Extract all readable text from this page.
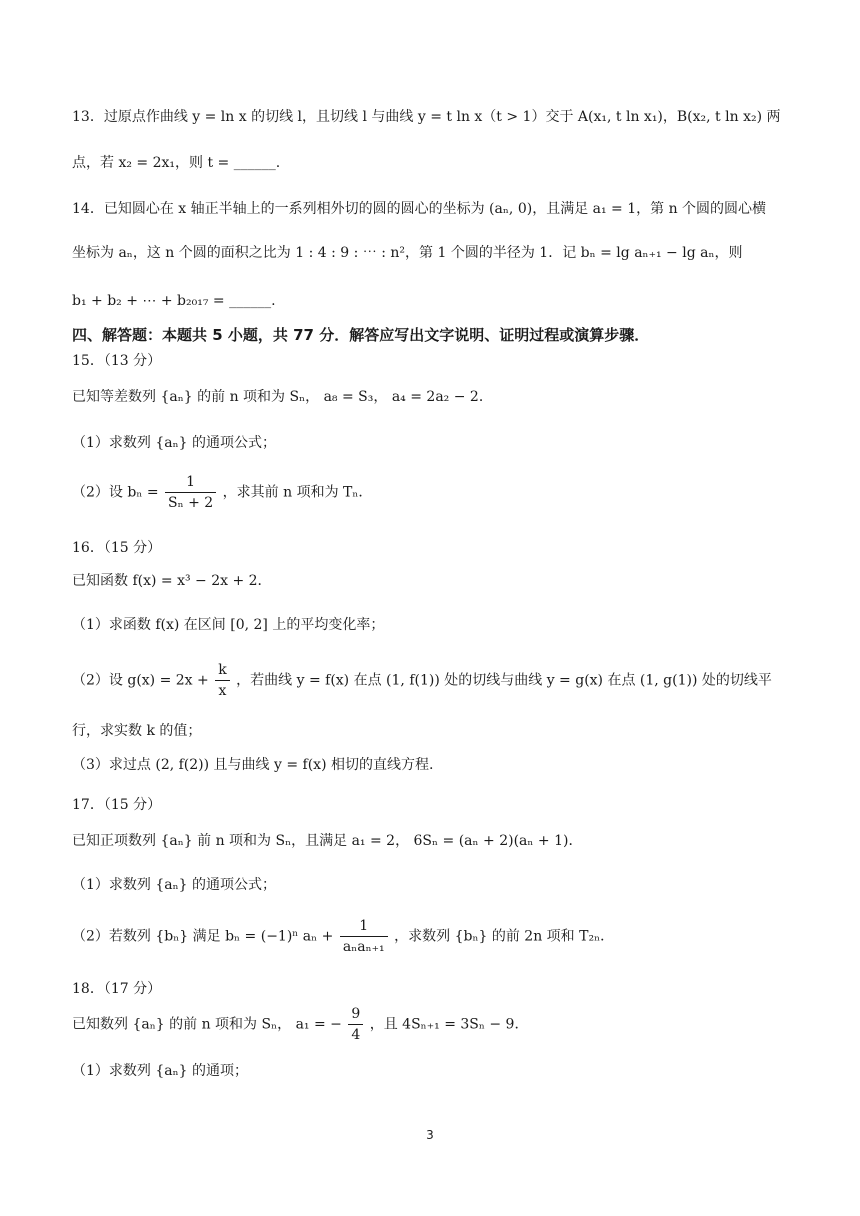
13．过原点作曲线 y = ln x 的切线 l，且切线 l 与曲线 y = t ln x（t > 1）交于 A(x₁, t ln x₁)，B(x₂, t ln x₂) 两
点，若 x₂ = 2x₁，则 t = ______.
14．已知圆心在 x 轴正半轴上的一系列相外切的圆的圆心的坐标为 (aₙ, 0)，且满足 a₁ = 1，第 n 个圆的圆心横
坐标为 aₙ，这 n 个圆的面积之比为 1 : 4 : 9 : ⋯ : n²，第 1 个圆的半径为 1．记 bₙ = lg aₙ₊₁ − lg aₙ，则
b₁ + b₂ + ⋯ + b₂₀₁₇ = ______.
四、解答题：本题共 5 小题，共 77 分．解答应写出文字说明、证明过程或演算步骤．
15．（13 分）
已知等差数列 {aₙ} 的前 n 项和为 Sₙ， a₈ = S₃， a₄ = 2a₂ − 2．
（1）求数列 {aₙ} 的通项公式；
（2）设 $b_n = \frac{1}{\text{Sₙ + 2}}$ ，求其前 n 项和为 Tₙ．
16．（15 分）
已知函数 f(x) = x³ − 2x + 2．
（1）求函数 f(x) 在区间 [0, 2] 上的平均变化率；
（2）设 $g(x) = 2x + \frac{k}{x}$ ，若曲线 y = f(x) 在点 (1, f(1)) 处的切线与曲线 y = g(x) 在点 (1, g(1)) 处的切线平
行，求实数 k 的值；
（3）求过点 (2, f(2)) 且与曲线 y = f(x) 相切的直线方程.
17．（15 分）
已知正项数列 {aₙ} 前 n 项和为 Sₙ，且满足 a₁ = 2， 6Sₙ = (aₙ + 2)(aₙ + 1)．
（1）求数列 {aₙ} 的通项公式；
（2）若数列 {bₙ} 满足 bₙ = (−1)ⁿ $a_n + \frac{1}{\text{aₙaₙ₊₁}}$ ，求数列 {bₙ} 的前 2n 项和 T₂ₙ．
18．（17 分）
已知数列 {aₙ} 的前 n 项和为 Sₙ， a₁ = − $\frac{9}{4}$ ，且 4Sₙ₊₁ = 3Sₙ − 9．
（1）求数列 {aₙ} 的通项；
3
